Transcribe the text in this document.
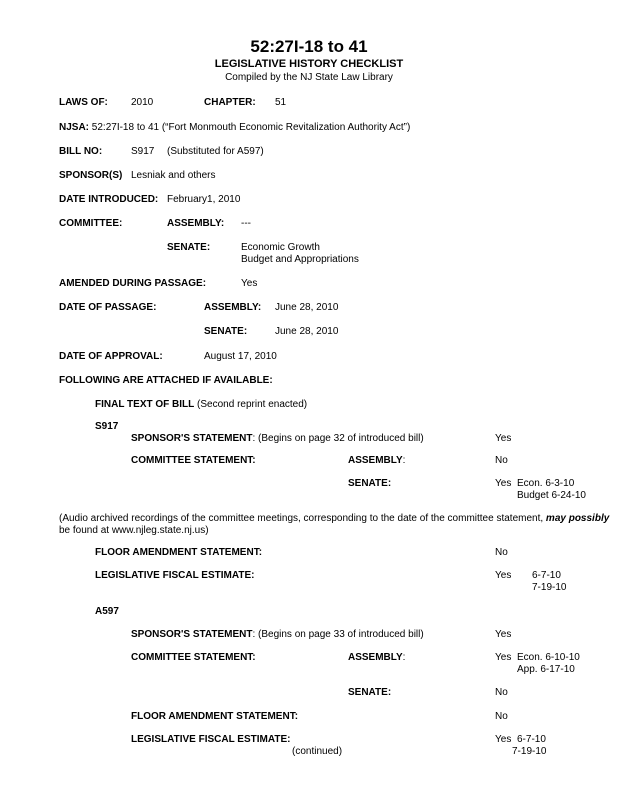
52:27I-18 to 41
LEGISLATIVE HISTORY CHECKLIST
Compiled by the NJ State Law Library
LAWS OF: 2010	CHAPTER: 51
NJSA: 52:27I-18 to 41 (“Fort Monmouth Economic Revitalization Authority Act”)
BILL NO:	S917 (Substituted for A597)
SPONSOR(S) Lesniak and others
DATE INTRODUCED: February1, 2010
COMMITTEE:	ASSEMBLY: ---
SENATE:	Economic Growth
Budget and Appropriations
AMENDED DURING PASSAGE:	Yes
DATE OF PASSAGE:	ASSEMBLY: June 28, 2010
SENATE:	June 28, 2010
DATE OF APPROVAL:	August 17, 2010
FOLLOWING ARE ATTACHED IF AVAILABLE:
FINAL TEXT OF BILL (Second reprint enacted)
S917
SPONSOR'S STATEMENT: (Begins on page 32 of introduced bill)	Yes
COMMITTEE STATEMENT:	ASSEMBLY:	No
SENATE:	Yes Econ. 6-3-10
Budget 6-24-10
(Audio archived recordings of the committee meetings, corresponding to the date of the committee statement, may possibly
be found at www.njleg.state.nj.us)
FLOOR AMENDMENT STATEMENT:	No
LEGISLATIVE FISCAL ESTIMATE:	Yes 6-7-10
7-19-10
A597
SPONSOR'S STATEMENT: (Begins on page 33 of introduced bill)	Yes
COMMITTEE STATEMENT:	ASSEMBLY:	Yes Econ. 6-10-10
App. 6-17-10
SENATE:	No
FLOOR AMENDMENT STATEMENT:	No
LEGISLATIVE FISCAL ESTIMATE:	Yes 6-7-10
7-19-10
(continued)
